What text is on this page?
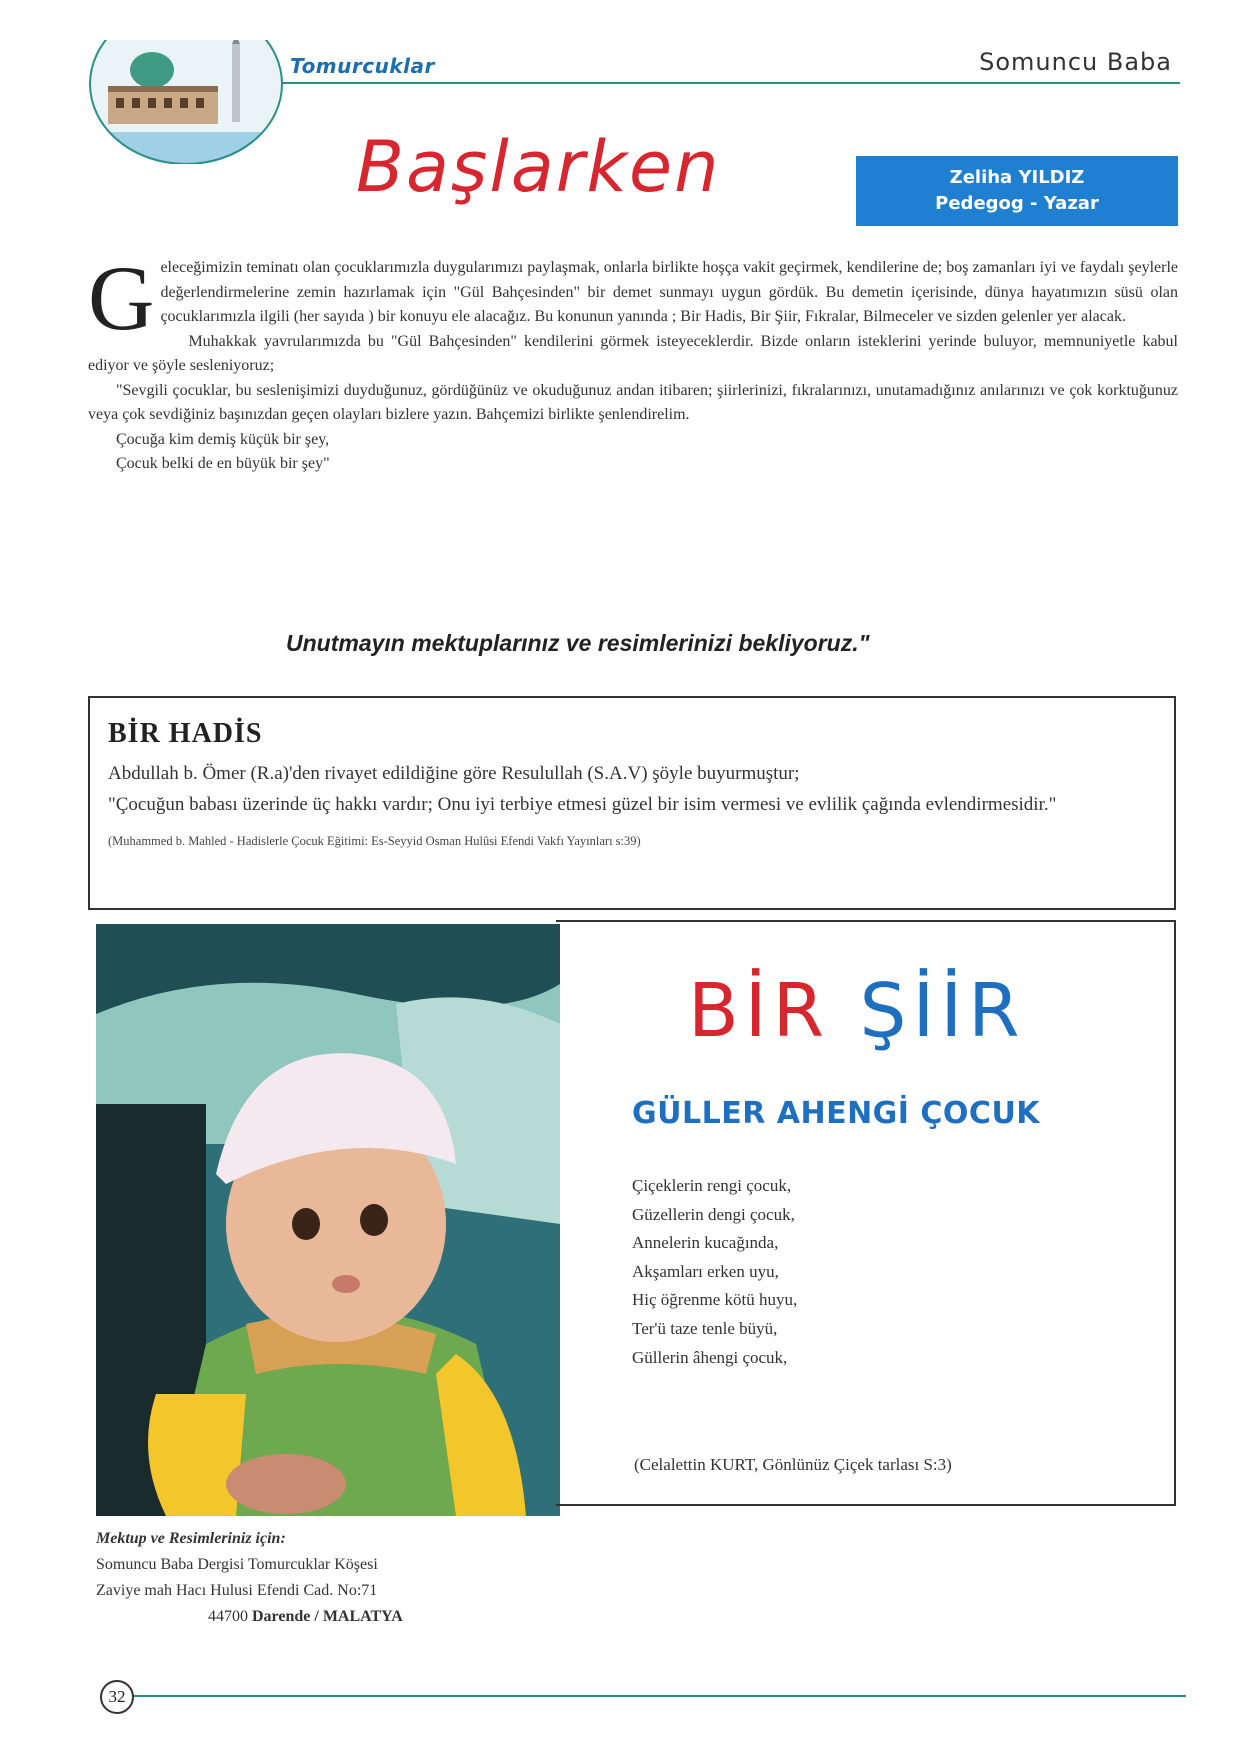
Tomurcuklar	Somuncu Baba
Başlarken	Zeliha YILDIZ
Pedegog - Yazar

Geleceğimizin teminatı olan çocuklarımızla duygularımızı paylaşmak, onlarla birlikte hoşça vakit geçirmek, kendilerine de; boş zamanları iyi ve faydalı şeylerle değerlendirmelerine zemin hazırlamak için "Gül Bahçesinden" bir demet sunmayı uygun gördük. Bu demetin içerisinde, dünya hayatımızın süsü olan çocuklarımızla ilgili (her sayıda ) bir konuyu ele alacağız. Bu konunun yanında ; Bir Hadis, Bir Şiir, Fıkralar, Bilmeceler ve sizden gelenler yer alacak.

Muhakkak yavrularımızda bu "Gül Bahçesinden" kendilerini görmek isteyeceklerdir. Bizde onların isteklerini yerinde buluyor, memnuniyetle kabul ediyor ve şöyle sesleniyoruz;

"Sevgili çocuklar, bu seslenişimizi duyduğunuz, gördüğünüz ve okuduğunuz andan itibaren; şiirlerinizi, fıkralarınızı, unutamadığınız anılarınızı ve çok korktuğunuz veya çok sevdiğiniz başınızdan geçen olayları bizlere yazın. Bahçemizi birlikte şenlendirelim.

Çocuğa kim demiş küçük bir şey,

Çocuk belki de en büyük bir şey"

Unutmayın mektuplarınız ve resimlerinizi bekliyoruz."
BİR HADİS

Abdullah b. Ömer (R.a)'den rivayet edildiğine göre Resulullah (S.A.V) şöyle buyurmuştur;

"Çocuğun babası üzerinde üç hakkı vardır; Onu iyi terbiye etmesi güzel bir isim vermesi ve evlilik çağında evlendirmesidir."

(Muhammed b. Mahled - Hadislerle Çocuk Eğitimi: Es-Seyyid Osman Hulûsi Efendi Vakfı Yayınları s:39)

BİR ŞİİR
GÜLLER AHENGİ ÇOCUK
Çiçeklerin rengi çocuk,
Güzellerin dengi çocuk,
Annelerin kucağında,
Akşamları erken uyu,
Hiç öğrenme kötü huyu,
Ter'ü taze tenle büyü,
Güllerin âhengi çocuk,
(Celalettin KURT, Gönlünüz Çiçek tarlası S:3)
Mektup ve Resimleriniz için:
Somuncu Baba Dergisi Tomurcuklar Köşesi
Zaviye mah Hacı Hulusi Efendi Cad. No:71
44700 Darende / MALATYA
32
